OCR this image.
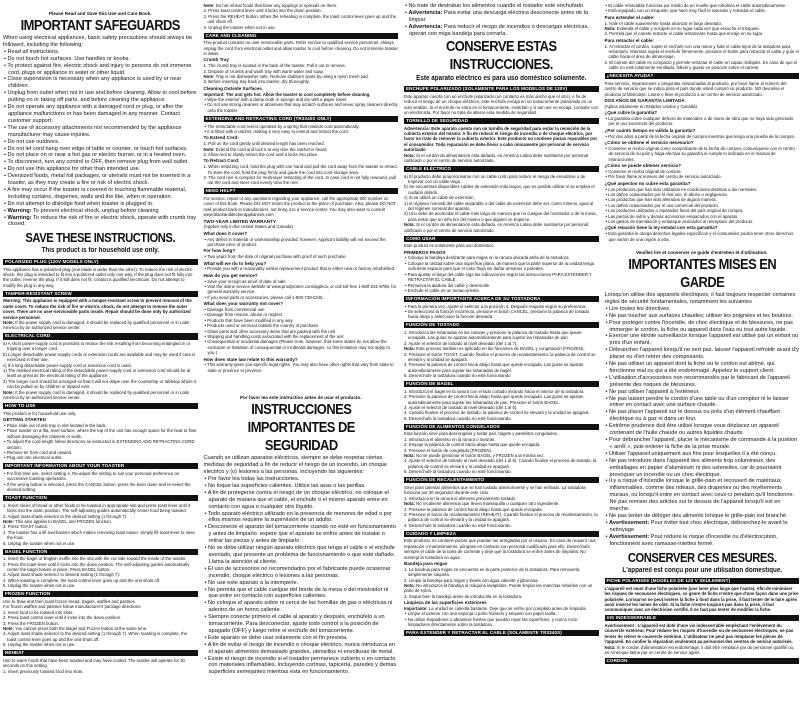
Please Read and Save this Use and Care Book.
IMPORTANT SAFEGUARDS
When using electrical appliances, basic safety precautions should always be followed, including the following:
• Read all instructions.
• Do not touch hot surfaces. Use handles or knobs.
• To protect against fire, electric shock and injury to persons do not immerse cord, plugs or appliance in water or other liquid.
• Close supervision is necessary when any appliance is used by or near children.
• Unplug from outlet when not in use and before cleaning. Allow to cool before putting on or taking off parts, and before cleaning the appliance.
• Do not operate any appliance with a damaged cord or plug, or after the appliance malfunctions or has been damaged in any manner. Contact customer support.
• The use of accessory attachments not recommended by the appliance manufacturer may cause injuries.
• Do not use outdoors.
• Do not let cord hang over edge of table or counter, or touch hot surfaces.
• Do not place on or near a hot gas or electric burner, or in a heated oven.
• To disconnect, turn any control to OFF, then remove plug from wall outlet.
• Do not use this appliance for other than intended use.
• Oversized foods, metal foil packages, or utensils must not be inserted in a toaster, as they may create a fire or risk of electric shock.
• A fire may occur if the toaster is covered or touching flammable material, including curtains, draperies, walls and the like, when in operation.
• Do not attempt to dislodge food when toaster is plugged in.
• Warning: To prevent electrical shock, unplug before cleaning
• Warning: To reduce the risk of fire or electric shock, operate with crumb tray closed.
SAVE THESE INSTRUCTIONS.
This product is for household use only.
POLARIZED PLUG (120V MODELS ONLY)
This appliance has a polarized plug (one blade is wider than the other). To reduce the risk of electric shock, this plug is intended to fit into a polarized outlet only one way. If the plug does not fit fully into the outlet, reverse the plug. If it still does not fit, contact a qualified electrician. Do not attempt to modify the plug in any way.
TAMPER-RESISTANT SCREW
Warning: This appliance is equipped with a tamper-resistant screw to prevent removal of the outer cover. To reduce the risk of fire or electric shock, do not attempt to remove the outer cover. There are no user-serviceable parts inside. Repair should be done only by authorized service personnel.
Note: If the power supply cord is damaged, it should be replaced by qualified personnel or in Latin America by an authorized service center.
ELECTRICAL CORD
a) A short power-supply cord is provided to reduce the risk resulting from becoming entangled in or tripping over a longer cord.
b) Longer detachable power-supply cords or extension cords are available and may be used if care is exercised in their use.
c) If a long detachable power-supply cord or extension cord is used,
1) The marked electrical rating of the detachable power-supply cord or extension cord should be at least as great as the electrical rating of the appliance,
2) The longer cord should be arranged so that it will not drape over the countertop or tabletop where it can be pulled on by children or tripped over.
Note: If the power supply cord is damaged, it should be replaced by qualified personnel or in Latin America by an authorized service center.
HOW TO USE
This product is for household use only.
GETTING STARTED
• Place slide out crumb tray in slot located in the back.
• Place toaster on a flat, level surface, where the top of the unit has enough space for the heat to flow without damaging the cabinets or walls.
• To adjust the cord length follow directions as instructed in EXTENDING AND RETRACTING CORD section.
• Remove tie from cord and unwind.
• Plug unit into electrical outlet.
IMPORTANT INFORMATION ABOUT YOUR TOASTER
• For first time use, select setting 4. Re-adjust the setting to suit your personal preference on successive toasting operations.
• If the wrong button is selected, press the CANCEL button, press the lever down and re-select the desired setting.
TOAST FUNCTION
1. Insert slices of bread or other foods to be toasted in appropriate slot and press toast lever until it locks into the down position. The self-adjusting guides automatically center food being toasted.
2. Adjust toast shade selector to the desired setting (1 through 7).
Note: This also applies to BAGEL and FROZEN function.
3. Press TOAST button.
4. The toaster has a lift mechanism which makes removing toast easier. Simply lift toast lever to raise the food.
5. Unplug the toaster when not in use.
BAGEL FUNCTION
1. Insert the bagel or English muffin into the slot with the cut side toward the inside of the toaster.
2. Press the toast lever until it locks into the down position. The self-adjusting guides automatically center the bagel halves in place. Press BAGEL button.
3. Adjust toast shade selector to desired setting (1 through 7).
4. When toasting is complete, the toast control lever goes up and the unit shuts off.
5. Unplug the toaster when not in use.
FROZEN FUNCTION
Use to thaw and then toast frozen bread, bagels, waffles and pastries.
For frozen waffles and pastries follow manufacturer's package directions.
1. Insert food to be toasted into slots.
2. Press toast control lever until it locks into the down position.
3. Press the FROZEN button.
Note: You cannot press both the Bagel and Frozen button at the same time.
4. Adjust toast shade selector to the desired setting (1 through 7). When toasting is complete, the toast control lever goes up and the unit shuts off.
5. Unplug the toaster when not in use.
REHEAT
Use to warm foods that have been toasted and may have cooled. The toaster will operate for 30 seconds on this setting.
1. Insert previously toasted food into slots.
Note: Do not reheat foods that have any toppings or spreads on them.
2. Press toast control lever until it locks into the down position.
3. Press the REHEAT button. When the reheating is complete, the toast control lever goes up and the unit shuts off.
4. Unplug the toaster when not in use.
CARE AND CLEANING
This product contains no user serviceable parts. Refer service to qualified service personnel. Always unplug the cord from electrical outlet and allow toaster to cool before cleaning. Do not immerse toaster in water.
Crumb Tray
1. The crumb tray is located in the back of the toaster. Pull it out to remove.
2. Dispose of crumbs and wash tray with warm water and soap.
Note: Tray is not dishwasher safe. Remove stubborn spots by using a nylon mesh pad.
3. Before inserting tray back into toaster, dry thoroughly.
Cleaning Outside Surfaces
Important: The unit gets hot. Allow the toaster to cool completely before cleaning.
• Wipe the exterior with a damp cloth or sponge and dry with a paper towel.
• Do not use strong cleaners or abrasives that may scratch surfaces and never spray cleaners directly onto the toaster.
EXTENDING AND RETRACTING CORD (TR3340S ONLY)
• The retractable cord reel is operated by a spring that rewinds cord automatically.
• It is fitted with a ratchet, making it very easy to extend and retract the cord.
To Extend Cord:
1. Pull on the cord gently until desired length has been reached.
Note: Extend the cord and lock it at any time the ratchet is heard.
2. Allow reel to slowly retract the cord until it locks into place.
To Retract Cord:
1. When retracting cord, hold the plug with one hand and pull the cord away from the toaster to retract. To store the cord, hold the plug firmly and guide the cord into cord storage area.
2. The cord reel is compact for multi-layer retracting of the cord. In case cord is not fully rewound, pull out the cord and steer cord evenly onto the reel.
NEED HELP?
For service, repair or any questions regarding your appliance, call the appropriate 800 number on cover of this book. Please DO NOT return the product to the place of purchase. Also, please DO NOT mail product back to manufacturer, nor bring it to a service center. You may also want to consult www.blackanddeckerappliances.com
TWO-YEAR LIMITED WARRANTY
(Applies only in the United States and Canada)
What does it cover?
• Any defect in material or workmanship provided; however, Applica's liability will not exceed the purchase price of product.
For how long?
• Two years from the date of original purchase with proof of such purchase.
What will we do to help you?
• Provide you with a reasonably similar replacement product that is either new or factory refurbished.
How do you get service?
• Save your receipt as proof of date of sale.
• Visit the online service website at www.prodprotect.com/applica, or call toll-free 1-800-231-9786, for general warranty service.
• If you need parts or accessories, please call 1-800-738-0245.
What does your warranty not cover?
• Damage from commercial use
• Damage from misuse, abuse or neglect
• Products that have been modified in any way
• Products used or serviced outside the country of purchase
• Glass parts and other accessory items that are packed with the unit
• Shipping and handling costs associated with the replacement of the unit
• Consequential or incidental damages (Please note, however, that some states do not allow the exclusion or limitation of consequential or incidental damages, so this limitation may not apply to you.)
How does state law relate to this warranty?
• This warranty gives you specific legal rights. You may also have other rights that vary from state to state or province to province.
Por favor lea este instructivo antes de usar el producto.
INSTRUCCIONES IMPORTANTES DE SEGURIDAD
Cuando se utilizan aparatos eléctricos, siempre se debe respetar ciertas medidas de seguridad a fin de reducir el riesgo de un incendio, un choque eléctrico y (o) lesiones a las personas, incluyendo las siguientes:
• Por favor lea todas las instrucciones.
• No toque las superficies calientes. Utilice las asas o las perillas.
• A fin de protegerse contra el riesgo de un choque eléctrico, no coloque el aparato de manera que el cable, el enchufe o el mismo aparato entre en contacto con agua o cualquier otro líquido.
• Todo aparato eléctrico utilizado en la presencia de menores de edad o por ellos mismos requiere la supervisión de un adulto.
• Desconecte el aparato del tomacorriente cuando no esté en funcionamiento y antes de limpiarlo. espere que el aparato se enfríe antes de instalar o retirar las piezas y antes de limpiarlo.
• No se debe utilizar ningún aparato eléctrico que tenga el cable o el enchufe averiado, que presente un problema de funcionamiento o que esté dañado. Llama la atención al cliente.
• El uso de accesorios no recomendados por el fabricante puede ocasionar incendio, choque eléctrico o lesiones a las personas.
• No use este aparato a la intemperie.
• No permita que el cable cuelgue del borde de la mesa o del mostrador ni que entre en contacto con superficies calientes.
• No coloque el aparato sobre ni cerca de las hornillas de gas o eléctricas ni adentro de un horno caliente.
• Siempre conecte primero el cable al aparato y después, enchúfelo a un tomacorriente. Para desconectar, ajuste todo control a la posición de apagado (OFF) y luego retire el enchufe del tomacorriente.
• Este aparato se debe usar solamente con el fin prevista.
• A fin de evitar el riesgo de incendio o choque eléctrico, nunca introduzca en el aparato alimentos demasiado grandes, utensilios ni envolturas de metal.
• Existe el riesgo de incendio si el tostador permanece cubierto o en contacto con materiales inflamables, incluyendo cortinas, tapicería, paredes y demas superficies semejantes mientras esta en funcionamiento.
• No trate de destrabar los alimentos cuando el tostador esté enchufado
• Advertencia: Para evitar una descarga eléctrica desconecte antes de la limpiar
• Advertencia: Para reducir el riesgo de incendios o descargas eléctricas, operan con miga bandeja para cerrarla.
CONSERVE ESTAS INSTRUCCIONES.
Este aparato eléctrico es para uso doméstico solamente.
ENCHUFE POLARIZADO (SOLAMENTE PARA LOS MODELOS DE 120V)
Este aparato cuenta con un enchufe polarizado (un contacto es más ancho que el otro). A fin de reducir el riesgo de un choque eléctrico, este enchufe encaja en un tomacorriente polarizado en un solo sentido. Si el enchufe no entra en el tomacorriente, inviértalo y si aun así no encaja, consulte con un electricista. Por favor no trate de alterar esta medida de seguridad.
TORNILLO DE SEGURIDAD
Advertencia: Este aparato cuenta con un tornillo de seguridad para evitar la remoción de la cubierta exterior del mismo. A fin de reducir el riesgo de incendio o de choque eléctrico, por favor no trate de remover la cubierta exterior. Este producto no contiene piezas reparables por el consumidor. Toda reparación se debe llevar a cabo únicamente por personal de servicio autorizado
Nota: Si el cordón de alimentación esta dañado, en América Latina debe sustituirse por personal calificado o por el centro de servicio autorizado.
CABLE ELÉCTRICO
a) El producto debe proporcionarse con un cable corto para reducir el riesgo de enredarse o de tropezar con un cable largo.
b) Se encuentran disponibles cables de extensión más largos, que es posible utilizar si se emplea el cuidado debido.
c) Si se utiliza un cable de extensión,
1) el régimen nominal del cable separable o del cable de extensión debe ser, como mínimo, igual al del régimen nominal del aparato.
2) Uno debe de acomodar el cable más largo de manera que no cuelgue del mostrador o de la mesa, para evitar que un niño tire del mismo o que alguien se tropiece.
Nota: Si el cordón de alimentación esta dañado, en América Latina debe sustituirse por personal calificado o por el centro de servicio autorizado.
COMO USAR
Este product es solamente para uso doméstico.
PRIMEROS PASOS
• Coloque la bandeja deslizante para migas en la ranura ubicada atrás de la tostadora.
• Coloque la unidad sobre una superficie plana, de manera que la parte superior de la unidad tenga suficiente espacio para que el calor fluya sin dañar armarios o paredes.
• Para ajustar el largo del cable siga las indicaciones según las instrucciones PARA EXTENDER Y RETRACTAR EL CABLE.
• Remueva la atadura del cable y desenrolle
• Enchufe el cable en un tomacorriente.
INFORMACIÓN IMPORTANTE ACERCA DE SU TOSTADORA
• Para la primera vez, ajuste el selector a la posición 4. Después reajuste según su preferencia.
• Se selecciona la función incorrecta, presione el botón CANCEL, presione la palanca de tostado hacia abajo y seleccione la función deseada.
FUNCIÓN DE TOSTADO
1. Introduzca las rebanadas en las ranuras y presione la palanca de tostado hasta que quede encajada. Las guías se ajustan automáticamente para sujetar las rebanadas de pan.
2. Ajuste el selector de tostado al nivel deseado (del 1 al 7).
Nota: Este proceso también es aplicado en las funciones de BAGEL y congelación (FROZEN).
3. Presione el botón TOAST. Cuando finalice el proceso de recalentamiento, la palanca de control se elevará y la unidad se apagará.
4. Presione la palanca de control hacia abajo hasta que quede encajada. Las guías se ajustan automáticamente para sujetar las rebanadas de bagel.
5. Desenchufe la tostadora cuando no esté funcionando
FUNCIÓN DE BAGEL
1. Introduzca el bagel en la ranura con el lado cortado mirando hacia el interior de la tostadora.
2. Presione la palanca de control hacia abajo hasta que quede encajada. Las guías se ajustan automáticamente para sujetar las rebanadas de pan. Presione el botón BAGEL.
3. Ajuste el selector de tostado al nivel deseado (del 1 al 6).
4. Cuando finalice el proceso de tostado, la palanca de control se elevará y la unidad se apagará.
5. Desenchufe la tostadora cuando no esté funcionando.
FUNCIÓN DE ALIMENTOS CONGELADOS
Esta función sirve para descongelar y tostar pan, bagels y pastelitos congelados.
1. Introduzca el alimento en la ranura o ranuras.
2. Empuje la palanca de control hacia abajo hasta que quede encajada.
3. Presione el botón de congelado (FROZEN).
Nota: No se puede presionar el botón BAGEL y FROZEN a la misma vez.
4. Ajuste el selector de tostado al nivel deseado (del 1 al 6). Cuando finalice el proceso de tostado, la palanca de control se elevará y la unidad se apagará.
5. Desenchufe la tostadora cuando no esté funcionando.
FUNCIÓN DE RECALENTAMIENTO
Sirve para calentar alimentos que se han tostado anteriormente y se han enfriado. La tostadora funciona por 30 segundos durante este ciclo.
1. Introduzca en la ranura el alimento previamente tostado.
Nota: No recaliente alimentos que lleven mantequilla o cualquier otro ingrediente.
2. Presione la palanca de control hacia abajo hasta que quede encajada.
3. Presione el botón de recalentamiento (REHEAT). Cuando finalice el proceso de recalentamiento, la palanca de control se elevará y la unidad se apagará.
4. Desenchufe la tostadora cuando no esté funcionando.
CUIDADO Y LIMPIEZA
Este producto no contiene piezas que puedan ser arregladas por el usuario. En caso de requerir una reparación o mantenimiento, póngase en contacto con personal cualificado para ello. Desenchufe siempre el cable de la toma de corriente y deje que la tostadora se enfríe antes de limpiarla. No sumerja la tostadora en agua.
Bandeja para migas
1. La bandeja para migas se encuentra en la parte posterior de la tostadora. Para removerla simplemente sáquela.
2. Limpie la bandeja para migas y lávela con agua caliente y jabonosa.
Nota: No introduzca la bandeja la máquina lavaplatos. Puede limpiar las manchas rebeldes con un paño de nylon.
3. Seque bien la bandeja antes de introducirla en la tostadora.
Limpieza de las superficies exteriores
Importante: La unidad se calienta bastante. Deje que se enfríe por completo antes de limpiarla.
• Limpie el exterior con una esponja o paño húmedo y séquelo con papel toalla.
• No utilice limpiadores o abrasivos fuertes que puedan rayar las superficies, y nunca rocíe limpiadores directamente sobre la tostadora.
PARA EXTENDER Y RETRACTAR EL CABLE (SOLAMENTE TR3340S)
• El cable retractable funciona por medio de un muelle que rebobina el cable automáticamente.
• Está equipado con un trinquete, que hace muy fácil el extender y retractar el cable.
Para extender el cable:
1. Hale el cable suavemente hasta alcanzar el largo deseado.
Nota: Extienda el cable y encájelo en su lugar cada vez que escuche el trinquete.
2. Permita que el carrete retracte el cable lentamente hasta que encaje en su lugar.
Para retractar el cable:
1. Al retractar el cordón, sujete el enchufe con una mano y hale el cable lejos de la tostadora para retractarlo. Mientras sujeta el enchufe firmemente, presione el botón para retractar el cable y guíe el cable hacia el área de almacenaje.
2. El carrete del cable es compacto y permite retractar el cable en capas múltiples. En caso de que el cable no esté totalmente enrollado, hálelo y guíelo en posición sobre el carrete.
¿NECESITA AYUDA?
Para servicio, reparaciones o preguntas relacionadas al producto, por favor llame al número del centro de servicio que se indica para el país donde usted compró su producto. NO devuélva el producto al fabricante. Llame o lleve el producto a un centro de servicio autorizado.
DOS AÑOS DE GARANTÍA LIMITADA
(Aplica solamente en Estados Unidos y Canadá)
¿Qué cubre la garantía?
• La garantía cubre cualquier defecto de materiales o de mano de obra que no haya sido generado por el uso incorrecto del producto.
¿Por cuánto tiempo es válida la garantía?
• Por dos años a partir de la fecha original de compra mientras que tenga una prueba de la compra.
¿Cómo se obtiene el servicio necesario?
• Conserve el recibo original como comprobante de la fecha de compra, comuníquese con el centro de servicio de su país y haga efectiva su garantía si cumple lo indicado en el manual de instrucciones.
¿Cómo se puede obtener servicio?
• Conserve el recibo original de compra.
• Por favor llame al número del centro de servicio autorizado.
¿Qué aspectos no cubre esta garantía?
• Los productos que han sido utilizados en condiciones distintas a las normales.
• Los daños ocasionados por el mal uso, el abuso o negligencia.
• Los productos que han sido alterados de alguna manera.
• Los daños ocasionados por el uso comercial del producto.
• Los productos utilizados o reparados fuera del país original de compra.
• Las piezas de vidrio y demás accesorios empacados con el aparato.
• Los gastos de tramitación y embarque asociados al reemplazo del producto.
¿Qué relación tiene la ley estatal con esta garantía?
• Esta garantía le otorga derechos legales específicos y el consumidor podría tener otros derechos que varían de una región a otra.
Veuillez lire et conserver ce guide d'entretien et d'utilisation.
IMPORTANTES MISES EN GARDE
Lorsqu'on utilise des appareils électriques, il faut toujours respecter certaines règles de sécurité fondamentales, notamment les suivantes
• Lire toutes les directives.
• Ne pas toucher aux surfaces chaudes; utiliser les poignées et les boutons.
• Pour protéger contre l'incendie, de choc électrique et de blessures, ne pas immerger le cordon, la fiche ou appareil dans l'eau ou tout autre liquide.
• Exercer une étroite surveillance lorsque l'appareil est utilisé par un enfant ou près d'un enfant.
• Débrancher l'appareil lorsqu'il ne sert pas. laisser l'appareil refroidir avant d'y placer ou d'en retirer des composants.
• Ne pas utiliser un appareil dont la fiche ou le cordon est abîmé, qui fonctionne mal ou qui a été endommagé. Appelez le support client.
• L'utilisation d'accessoires non recommandés par le fabricant de l'appareil présente des risques de blessures.
• Ne pas utiliser l'appareil à l'extérieur.
• Ne pas laisser pendre le cordon d'une table ou d'un comptoir ni le laisser entrer en contact avec une surface chaude.
• Ne pas placer l'appareil sur le dessus ou près d'un élément chauffant électrique ou à gaz ni dans un four.
• Extrême prudence doit être utilisé lorsque vous déplacez un appareil contenant de l'huile chaude ou autres liquides chauds.
• Pour débrancher l'appareil, placer le mécanisme de commande à la position « arrêt », puis enlever la fiche de la prise murale.
• Utiliser l'appareil uniquement aux fins pour lesquelles il a été conçu.
• Ne pas introduire dans l'appareil des aliments trop volumineux, des emballages en papier d'aluminium ni des ustensiles, car ils pourraient provoquer un incendie ou un choc électrique.
• Il y a risque d'incendie lorsque le grille-pain et recouvert de matériaux inflammables, comme des rideaux, des draperies ou des revêtements muraux, ou lorsqu'il entre en contact avec ceux-ci pendant qu'il fonctionne. Ne pas remiser des articles sur le dessus de l'appareil lorsqu'il est en marche.
• Ne pas tenter de déloger des aliments lorsque le grille-pain est branché.
• Avertissement: Pour éviter tout choc électrique, débranchez-le avant le nettoyage
• Avertissement: Pour réduire le risque d'incendie ou d'électrocution, fonctionnent avec ramasse-miettes fermé.
CONSERVER CES MESURES.
L'appareil est conçu pour une utilisation domestique.
FICHE POLARISÉE (MODÈLES DE 120 V SEULEMENT)
L'appareil est muni d'une fiche polarisée (une lame plus large que l'autre). Afin de minimiser les risques de secousses électriques, ce genre de fiche n'entre que d'une façon dans une prise polarisée. Lorsqu'on ne peut insérer la fiche à fond dans la prise, il faut tenter de le faire après avoir inversé les lames de côté. Si la fiche n'entre toujours pas dans la prise, il faut communiquer avec un électricien certifié. Il ne faut pas tenter de modifier la fiche.
VIS INDESSERRABLE
Avertissement : L'appareil est doté d'une vis indesserrable empêchant l'enlèvement du couvercle extérieur. Pour réduire les risques d'incendie ou de secousses électriques, ne pas tenter de retirer le couvercle extérieur. L'utilisateur ne peut pas remplacer les pièces de l'appareil. En confier la réparation seulement au personnel des centres de service autorisés.
Nota: Si le cordon d'alimentation est endommagé, il doit être remplacé par du personnel qualifié ou, en Amérique latine par un centre de service agréé.
CORDON
